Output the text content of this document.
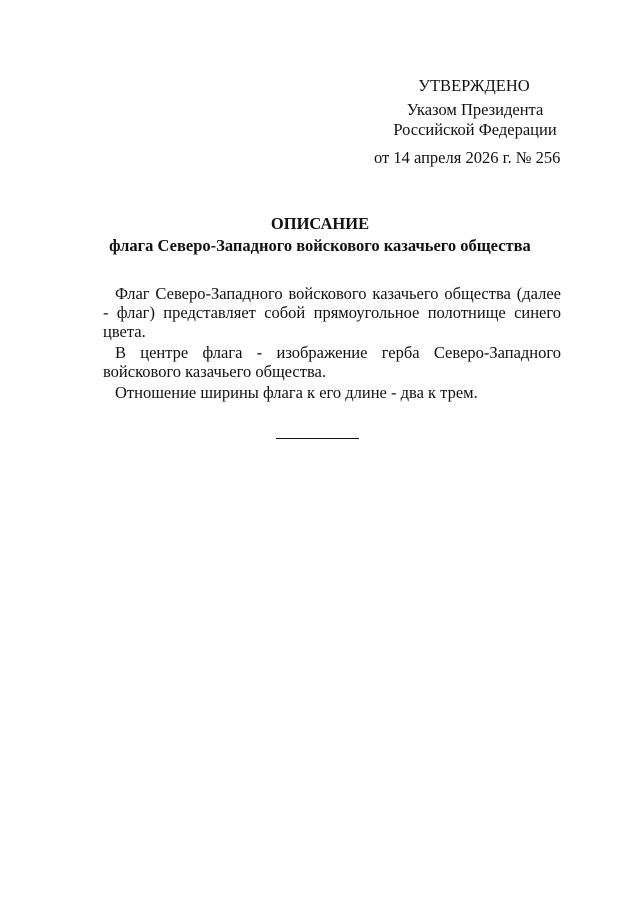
УТВЕРЖДЕНО
Указом Президента
Российской Федерации
от 14 апреля 2026 г. № 256
ОПИСАНИЕ
флага Северо-Западного войскового казачьего общества

Флаг Северо-Западного войскового казачьего общества (далее - флаг) представляет собой прямоугольное полотнище синего цвета.

В центре флага - изображение герба Северо-Западного войскового казачьего общества.

Отношение ширины флага к его длине - два к трем.
